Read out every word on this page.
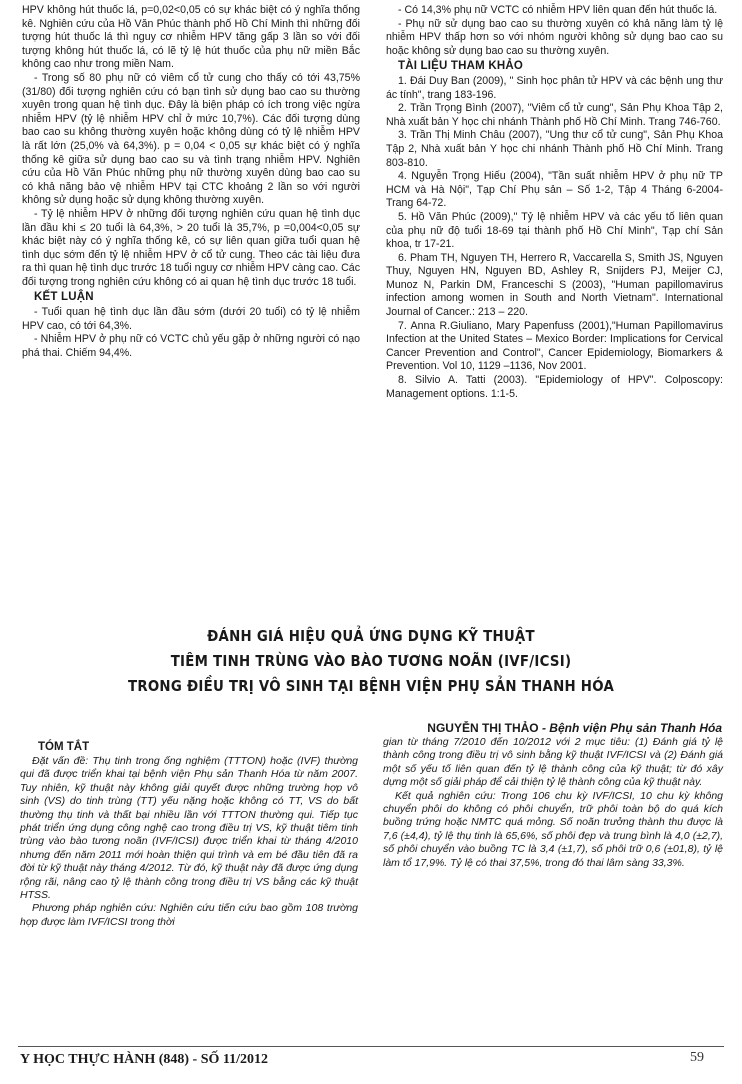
HPV không hút thuốc lá, p=0,02<0,05 có sự khác biệt có ý nghĩa thống kê. Nghiên cứu của Hồ Văn Phúc thành phố Hồ Chí Minh thì những đối tượng hút thuốc lá thì nguy cơ nhiễm HPV tăng gấp 3 lần so với đối tượng không hút thuốc lá, có lẽ tỷ lệ hút thuốc của phụ nữ miền Bắc không cao như trong miền Nam.

- Trong số 80 phụ nữ có viêm cổ tử cung cho thấy có tới 43,75% (31/80) đối tượng nghiên cứu có bạn tình sử dụng bao cao su thường xuyên trong quan hệ tình dục. Đây là biện pháp có ích trong việc ngừa nhiễm HPV (tỷ lệ nhiễm HPV chỉ ở mức 10,7%). Các đối tượng dùng bao cao su không thường xuyên hoặc không dùng có tỷ lệ nhiễm HPV là rất lớn (25,0% và 64,3%). p = 0,04 < 0,05 sự khác biệt có ý nghĩa thống kê giữa sử dụng bao cao su và tình trạng nhiễm HPV. Nghiên cứu của Hồ Văn Phúc những phụ nữ thường xuyên dùng bao cao su có khả năng bảo vệ nhiễm HPV tại CTC khoảng 2 lần so với người không sử dụng hoặc sử dụng không thường xuyên.

- Tỷ lệ nhiễm HPV ở những đối tượng nghiên cứu quan hệ tình dục lần đầu khi ≤ 20 tuổi là 64,3%, > 20 tuổi là 35,7%, p =0,004<0,05 sự khác biệt này có ý nghĩa thống kê, có sự liên quan giữa tuổi quan hệ tình dục sớm đến tỷ lệ nhiễm HPV ở cổ tử cung. Theo các tài liệu đưa ra thì quan hệ tình dục trước 18 tuổi nguy cơ nhiễm HPV càng cao. Các đối tượng trong nghiên cứu không có ai quan hệ tình dục trước 18 tuổi.

KẾT LUẬN

- Tuổi quan hệ tình dục lần đầu sớm (dưới 20 tuổi) có tỷ lệ nhiễm HPV cao, có tới 64,3%.

- Nhiễm HPV ở phụ nữ có VCTC chủ yếu gặp ở những người có nạo phá thai. Chiếm 94,4%.

- Có 14,3% phụ nữ VCTC có nhiễm HPV liên quan đến hút thuốc lá.

- Phụ nữ sử dụng bao cao su thường xuyên có khả năng làm tỷ lệ nhiễm HPV thấp hơn so với nhóm người không sử dụng bao cao su hoặc không sử dụng bao cao su thường xuyên.

TÀI LIỆU THAM KHẢO

1. Đái Duy Ban (2009), " Sinh học phân tử HPV và các bệnh ung thư ác tính", trang 183-196.

2. Trần Trọng Bình (2007), "Viêm cổ tử cung", Sản Phụ Khoa Tập 2, Nhà xuất bản Y học chi nhánh Thành phố Hồ Chí Minh. Trang 746-760.

3. Trần Thị Minh Châu (2007), "Ung thư cổ tử cung", Sản Phụ Khoa Tập 2, Nhà xuất bản Y học chi nhánh Thành phố Hồ Chí Minh. Trang 803-810.

4. Nguyễn Trọng Hiếu (2004), "Tần suất nhiễm HPV ở phụ nữ TP HCM và Hà Nội", Tạp Chí Phụ sản – Số 1-2, Tập 4 Tháng 6-2004- Trang 64-72.

5. Hồ Văn Phúc (2009)," Tỷ lệ nhiễm HPV và các yếu tố liên quan của phụ nữ độ tuổi 18-69 tại thành phố Hồ Chí Minh", Tạp chí Sản khoa, tr 17-21.

6. Pham TH, Nguyen TH, Herrero R, Vaccarella S, Smith JS, Nguyen Thuy, Nguyen HN, Nguyen BD, Ashley R, Snijders PJ, Meijer CJ, Munoz N, Parkin DM, Franceschi S (2003), "Human papillomavirus infection among women in South and North Vietnam". International Journal of Cancer.: 213 – 220.

7. Anna R.Giuliano, Mary Papenfuss (2001),"Human Papillomavirus Infection at the United States – Mexico Border: Implications for Cervical Cancer Prevention and Control", Cancer Epidemiology, Biomarkers & Prevention. Vol 10, 1129 –1136, Nov 2001.

8. Silvio A. Tatti (2003). "Epidemiology of HPV". Colposcopy: Management options. 1:1-5.

ĐÁNH GIÁ HIỆU QUẢ ỨNG DỤNG KỸ THUẬT
TIÊM TINH TRÙNG VÀO BÀO TƯƠNG NOÃN (IVF/ICSI)
TRONG ĐIỀU TRỊ VÔ SINH TẠI BỆNH VIỆN PHỤ SẢN THANH HÓA
NGUYỄN THỊ THẢO - Bệnh viện Phụ sản Thanh Hóa
TÓM TẮT

Đặt vấn đề: Thụ tinh trong ống nghiệm (TTTON) hoặc (IVF) thường qui đã được triển khai tại bệnh viện Phụ sản Thanh Hóa từ năm 2007. Tuy nhiên, kỹ thuật này không giải quyết được những trường hợp vô sinh (VS) do tinh trùng (TT) yếu nặng hoặc không có TT, VS do bất thường thụ tinh và thất bại nhiều lần với TTTON thường qui. Tiếp tục phát triển ứng dụng công nghệ cao trong điều trị VS, kỹ thuật tiêm tinh trùng vào bào tương noãn (IVF/ICSI) được triển khai từ tháng 4/2010 nhưng đến năm 2011 mới hoàn thiện qui trình và em bé đầu tiên đã ra đời từ kỹ thuật này tháng 4/2012. Từ đó, kỹ thuật này đã được ứng dụng rộng rãi, nâng cao tỷ lệ thành công trong điều trị VS bằng các kỹ thuật HTSS.

Phương pháp nghiên cứu: Nghiên cứu tiến cứu bao gồm 108 trường hợp được làm IVF/ICSI trong thời

gian từ tháng 7/2010 đến 10/2012 với 2 mục tiêu: (1) Đánh giá tỷ lệ thành công trong điều trị vô sinh bằng kỹ thuật IVF/ICSI và (2) Đánh giá một số yếu tố liên quan đến tỷ lệ thành công của kỹ thuật; từ đó xây dựng một số giải pháp để cải thiện tỷ lệ thành công của kỹ thuật này.

Kết quả nghiên cứu: Trong 106 chu kỳ IVF/ICSI, 10 chu kỳ không chuyển phôi do không có phôi chuyển, trữ phôi toàn bộ do quá kích buồng trứng hoặc NMTC quá mỏng. Số noãn trưởng thành thu được là 7,6 (±4,4), tỷ lệ thụ tinh là 65,6%, số phôi đẹp và trung bình là 4,0 (±2,7), số phôi chuyển vào buồng TC là 3,4 (±1,7), số phôi trữ 0,6 (±01,8), tỷ lệ làm tổ 17,9%. Tỷ lệ có thai 37,5%, trong đó thai lâm sàng 33,3%.

Y HỌC THỰC HÀNH (848) - SỐ 11/2012	59
